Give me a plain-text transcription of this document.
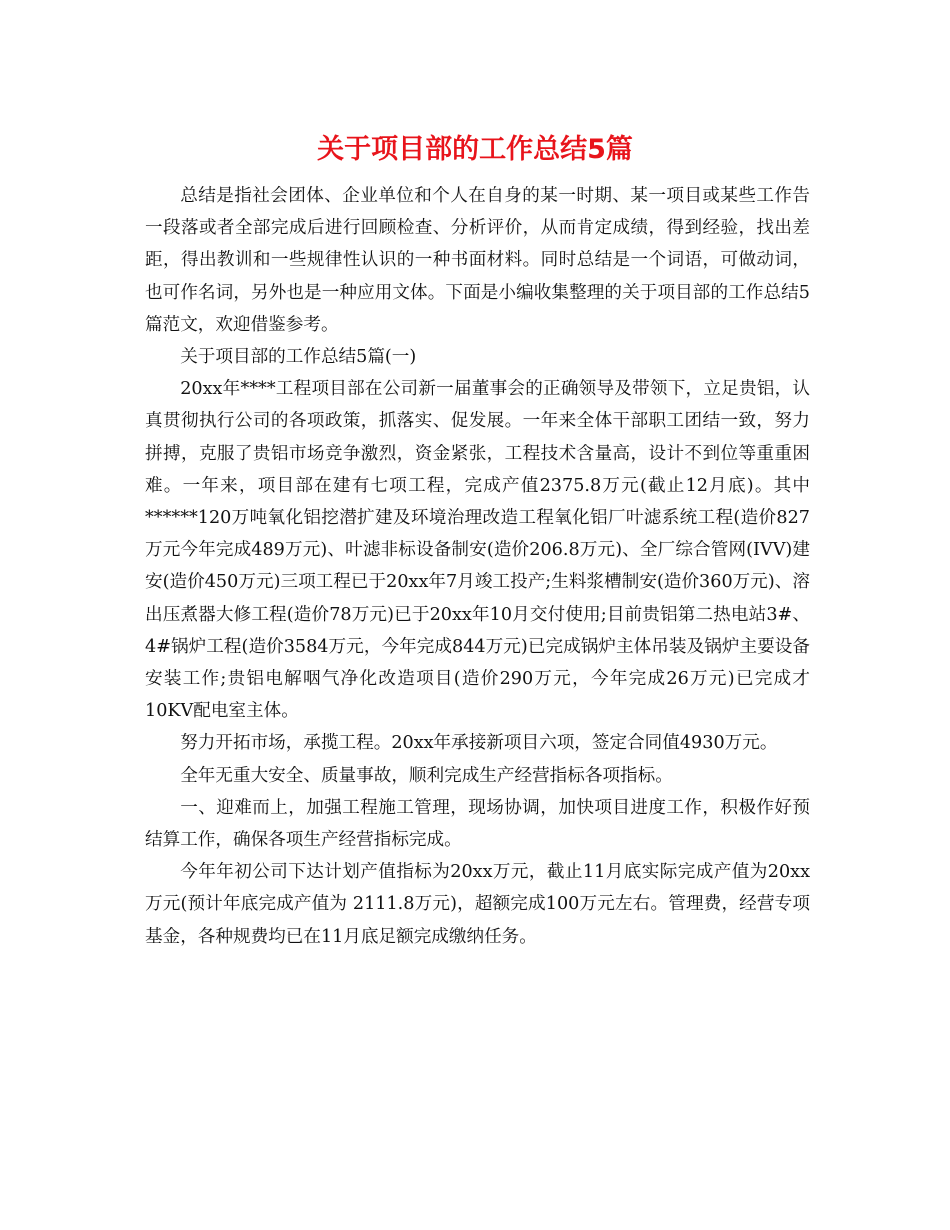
关于项目部的工作总结5篇

总结是指社会团体、企业单位和个人在自身的某一时期、某一项目或某些工作告一段落或者全部完成后进行回顾检查、分析评价，从而肯定成绩，得到经验，找出差距，得出教训和一些规律性认识的一种书面材料。同时总结是一个词语，可做动词，也可作名词，另外也是一种应用文体。下面是小编收集整理的关于项目部的工作总结5篇范文，欢迎借鉴参考。

关于项目部的工作总结5篇(一)

20xx年****工程项目部在公司新一届董事会的正确领导及带领下，立足贵铝，认真贯彻执行公司的各项政策，抓落实、促发展。一年来全体干部职工团结一致，努力拼搏，克服了贵铝市场竞争激烈，资金紧张，工程技术含量高，设计不到位等重重困难。一年来，项目部在建有七项工程，完成产值2375.8万元(截止12月底)。其中******120万吨氧化铝挖潜扩建及环境治理改造工程氧化铝厂叶滤系统工程(造价827万元今年完成489万元)、叶滤非标设备制安(造价206.8万元)、全厂综合管网(IVV)建安(造价450万元)三项工程已于20xx年7月竣工投产;生料浆槽制安(造价360万元)、溶出压煮器大修工程(造价78万元)已于20xx年10月交付使用;目前贵铝第二热电站3#、4#锅炉工程(造价3584万元，今年完成844万元)已完成锅炉主体吊装及锅炉主要设备安装工作;贵铝电解咽气净化改造项目(造价290万元，今年完成26万元)已完成才10KV配电室主体。

努力开拓市场，承揽工程。20xx年承接新项目六项，签定合同值4930万元。

全年无重大安全、质量事故，顺利完成生产经营指标各项指标。

一、迎难而上，加强工程施工管理，现场协调，加快项目进度工作，积极作好预结算工作，确保各项生产经营指标完成。

今年年初公司下达计划产值指标为20xx万元，截止11月底实际完成产值为20xx万元(预计年底完成产值为 2111.8万元)，超额完成100万元左右。管理费，经营专项基金，各种规费均已在11月底足额完成缴纳任务。
